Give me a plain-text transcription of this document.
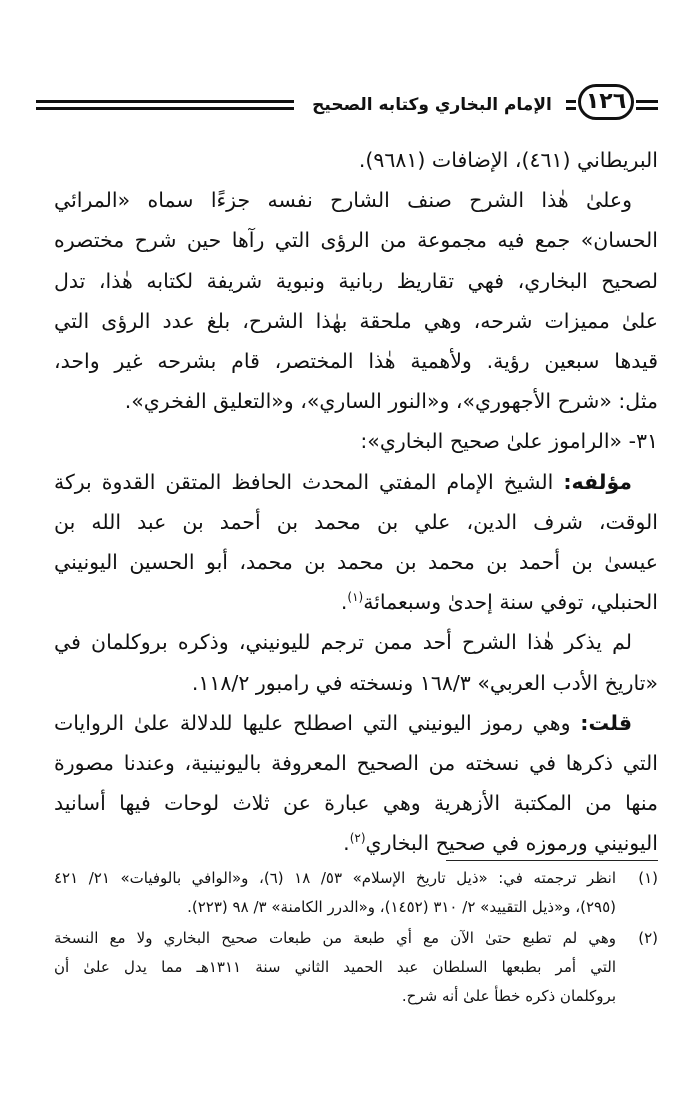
الإمام البخاري وكتابه الصحيح	١٢٦

البريطاني (٤٦١)، الإضافات (٩٦٨١).

وعلىٰ هٰذا الشرح صنف الشارح نفسه جزءًا سماه «المرائي
الحسان» جمع فيه مجموعة من الرؤى التي رآها حين شرح مختصره
لصحيح البخاري، فهي تقاريظ ربانية ونبوية شريفة لكتابه هٰذا، تدل
علىٰ مميزات شرحه، وهي ملحقة بهٰذا الشرح، بلغ عدد الرؤى التي
قيدها سبعين رؤية. ولأهمية هٰذا المختصر، قام بشرحه غير واحد،
مثل: «شرح الأجهوري»، و«النور الساري»، و«التعليق الفخري».

٣١- «الراموز علىٰ صحيح البخاري»:

مؤلفه: الشيخ الإمام المفتي المحدث الحافظ المتقن القدوة بركة
الوقت، شرف الدين، علي بن محمد بن أحمد بن عبد الله بن
عيسىٰ بن أحمد بن محمد بن محمد بن محمد، أبو الحسين اليونيني
الحنبلي، توفي سنة إحدىٰ وسبعمائة$^{(١)}$.

لم يذكر هٰذا الشرح أحد ممن ترجم لليونيني، وذكره بروكلمان في
«تاريخ الأدب العربي» ١٦٨/٣ ونسخته في رامبور ١١٨/٢.

قلت: وهي رموز اليونيني التي اصطلح عليها للدلالة علىٰ الروايات
التي ذكرها في نسخته من الصحيح المعروفة باليونينية، وعندنا مصورة
منها من المكتبة الأزهرية وهي عبارة عن ثلاث لوحات فيها أسانيد
اليونيني ورموزه في صحيح البخاري$^{(٢)}$.

(١)
انظر ترجمته في: «ذيل تاريخ الإسلام» ٥٣/ ١٨ (٦)، و«الوافي بالوفيات» ٢١/ ٤٢١
(٢٩٥)، و«ذيل التقييد» ٢/ ٣١٠ (١٤٥٢)، و«الدرر الكامنة» ٣/ ٩٨ (٢٢٣).

(٢)
وهي لم تطبع حتىٰ الآن مع أي طبعة من طبعات صحيح البخاري ولا مع النسخة
التي أمر بطبعها السلطان عبد الحميد الثاني سنة ١٣١١هـ مما يدل علىٰ أن
بروكلمان ذكره خطأ علىٰ أنه شرح.
